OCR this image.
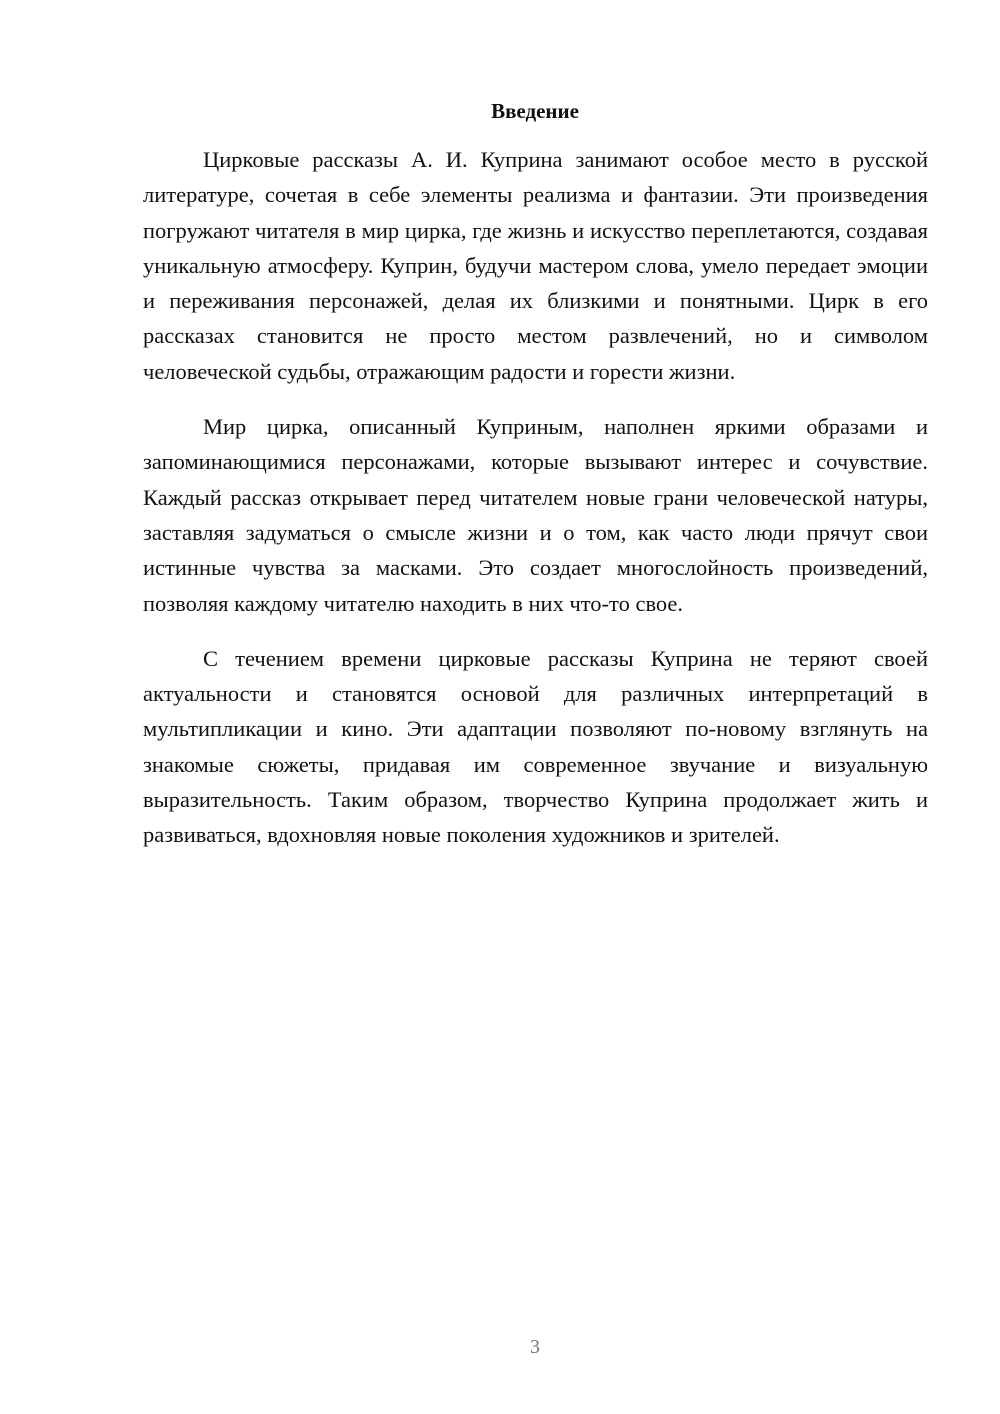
Введение

Цирковые рассказы А. И. Куприна занимают особое место в русской литературе, сочетая в себе элементы реализма и фантазии. Эти произведения погружают читателя в мир цирка, где жизнь и искусство переплетаются, создавая уникальную атмосферу. Куприн, будучи мастером слова, умело передает эмоции и переживания персонажей, делая их близкими и понятными. Цирк в его рассказах становится не просто местом развлечений, но и символом человеческой судьбы, отражающим радости и горести жизни.

Мир цирка, описанный Куприным, наполнен яркими образами и запоминающимися персонажами, которые вызывают интерес и сочувствие. Каждый рассказ открывает перед читателем новые грани человеческой натуры, заставляя задуматься о смысле жизни и о том, как часто люди прячут свои истинные чувства за масками. Это создает многослойность произведений, позволяя каждому читателю находить в них что-то свое.

С течением времени цирковые рассказы Куприна не теряют своей актуальности и становятся основой для различных интерпретаций в мультипликации и кино. Эти адаптации позволяют по-новому взглянуть на знакомые сюжеты, придавая им современное звучание и визуальную выразительность. Таким образом, творчество Куприна продолжает жить и развиваться, вдохновляя новые поколения художников и зрителей.

3
